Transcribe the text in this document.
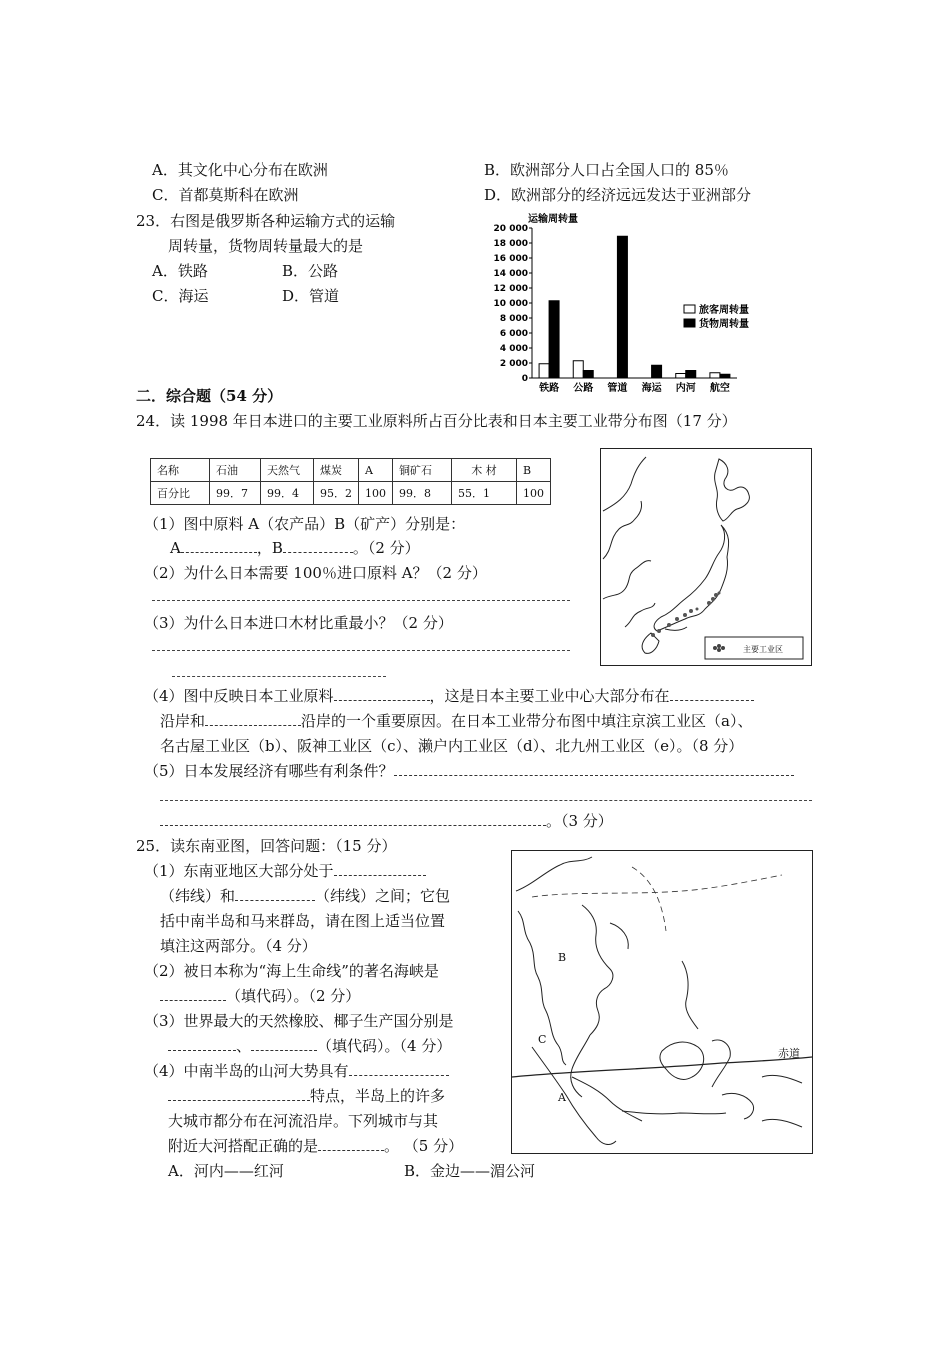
A．其文化中心分布在欧洲	B．欧洲部分人口占全国人口的 85％
C．首都莫斯科在欧洲	D．欧洲部分的经济远远发达于亚洲部分
23．右图是俄罗斯各种运输方式的运输
周转量，货物周转量最大的是
A．铁路	B．公路
C．海运	D．管道
运输周转量
0
2 000
4 000
6 000
8 000
10 000
12 000
14 000
16 000
18 000
20 000
铁路 公路 管道 海运 内河 航空
旅客周转量
货物周转量
二．综合题（54 分）
24．读 1998 年日本进口的主要工业原料所占百分比表和日本主要工业带分布图（17 分）
名称	石油	天然气	煤炭	A	铜矿石	木 材	B
百分比	99．7	99．4	95．2	100	99．8	55．1	100
主要工业区
（1）图中原料 A（农产品）B（矿产）分别是：
A	，B	。（2 分）
（2）为什么日本需要 100％进口原料 A？（2 分）
（3）为什么日本进口木材比重最小？（2 分）
（4）图中反映日本工业原料	，这是日本主要工业中心大部分布在
沿岸和	沿岸的一个重要原因。在日本工业带分布图中填注京滨工业区（a）、
名古屋工业区（b）、阪神工业区（c）、濑户内工业区（d）、北九州工业区（e）。（8 分）
（5）日本发展经济有哪些有利条件？
。（3 分）
25．读东南亚图，回答问题：（15 分）
（1）东南亚地区大部分处于
（纬线）和	（纬线）之间；它包
括中南半岛和马来群岛，请在图上适当位置
填注这两部分。（4 分）
（2）被日本称为“海上生命线”的著名海峡是
（填代码）。（2 分）
（3）世界最大的天然橡胶、椰子生产国分别是
、	（填代码）。（4 分）
（4）中南半岛的山河大势具有
特点，半岛上的许多
大城市都分布在河流沿岸。下列城市与其
附近大河搭配正确的是	。 （5 分）
A．河内——红河	B．金边——湄公河
B
C
A
赤道
